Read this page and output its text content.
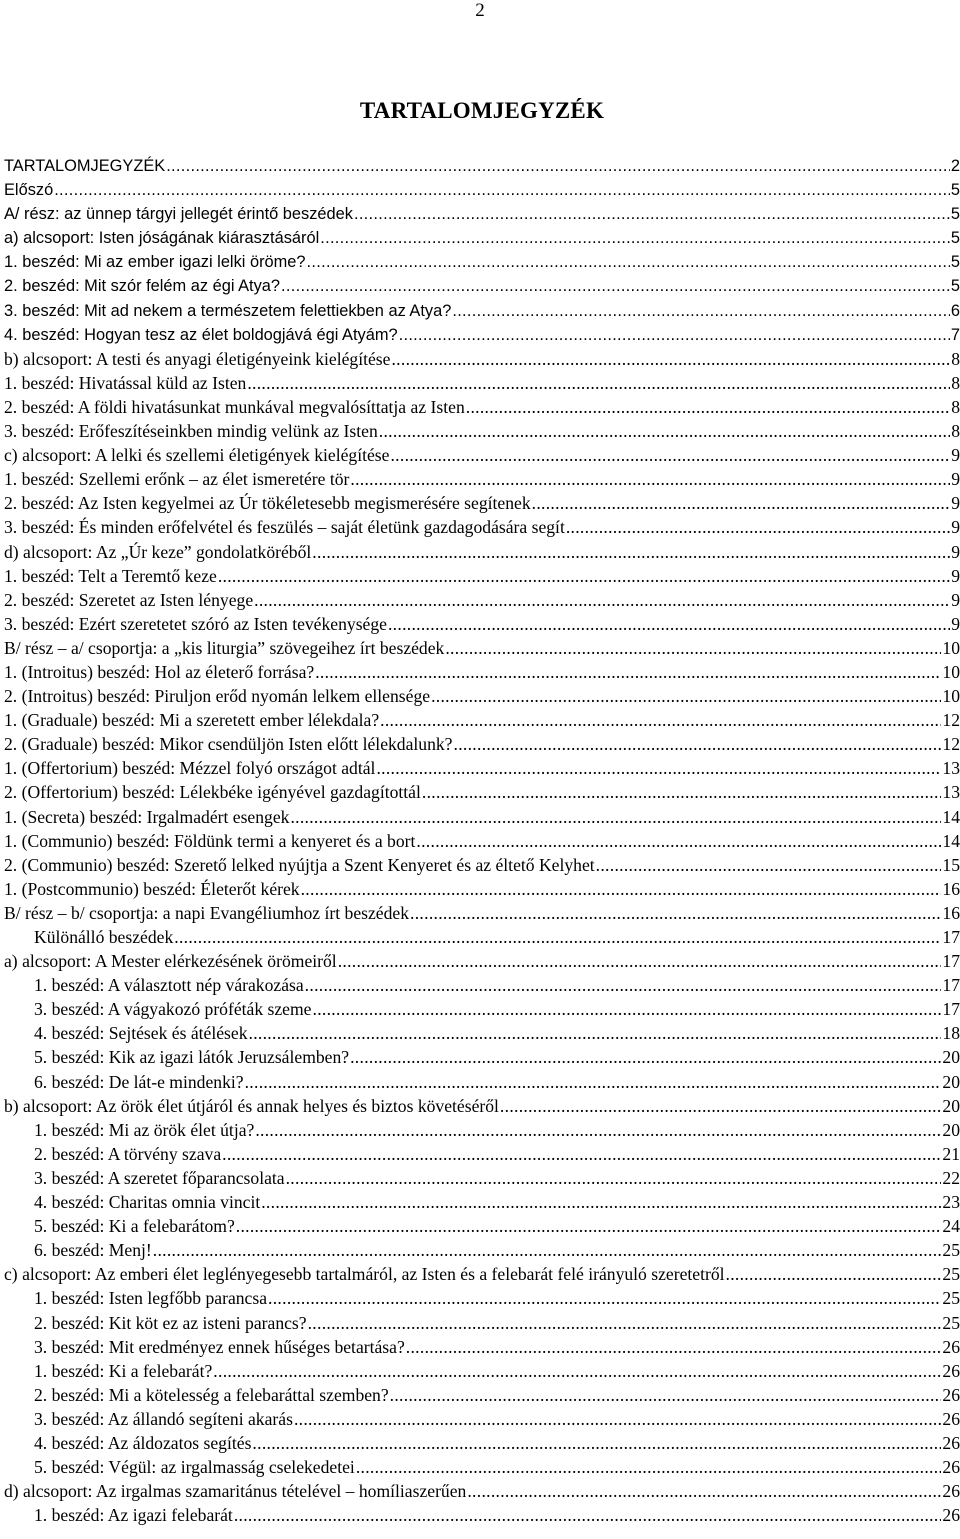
2
TARTALOMJEGYZÉK
TARTALOMJEGYZÉK .....	2
Előszó .....	5
A/ rész: az ünnep tárgyi jellegét érintő beszédek .....	5
a) alcsoport: Isten jóságának kiárasztásáról .....	5
1. beszéd: Mi az ember igazi lelki öröme? .....	5
2. beszéd: Mit szór felém az égi Atya? .....	5
3. beszéd: Mit ad nekem a természetem felettiekben az Atya? .....	6
4. beszéd: Hogyan tesz az élet boldogjává égi Atyám? .....	7
b) alcsoport: A testi és anyagi életigényeink kielégítése .....	8
1. beszéd: Hivatással küld az Isten .....	8
2. beszéd: A földi hivatásunkat munkával megvalósíttatja az Isten .....	8
3. beszéd: Erőfeszítéseinkben mindig velünk az Isten .....	8
c) alcsoport: A lelki és szellemi életigények kielégítése .....	9
1. beszéd: Szellemi erőnk – az élet ismeretére tör .....	9
2. beszéd: Az Isten kegyelmei az Úr tökéletesebb megismerésére segítenek .....	9
3. beszéd: És minden erőfelvétel és feszülés – saját életünk gazdagodására segít .....	9
d) alcsoport: Az „Úr keze” gondolatköréből .....	9
1. beszéd: Telt a Teremtő keze .....	9
2. beszéd: Szeretet az Isten lényege .....	9
3. beszéd: Ezért szeretetet szóró az Isten tevékenysége .....	9
B/ rész – a/ csoportja: a „kis liturgia” szövegeihez írt beszédek .....	10
1. (Introitus) beszéd: Hol az életerő forrása? .....	10
2. (Introitus) beszéd: Piruljon erőd nyomán lelkem ellensége .....	10
1. (Graduale) beszéd: Mi a szeretett ember lélekdala? .....	12
2. (Graduale) beszéd: Mikor csendüljön Isten előtt lélekdalunk? .....	12
1. (Offertorium) beszéd: Mézzel folyó országot adtál .....	13
2. (Offertorium) beszéd: Lélekbéke igényével gazdagítottál .....	13
1. (Secreta) beszéd: Irgalmadért esengek .....	14
1. (Communio) beszéd: Földünk termi a kenyeret és a bort .....	14
2. (Communio) beszéd: Szerető lelked nyújtja a Szent Kenyeret és az éltető Kelyhet .....	15
1. (Postcommunio) beszéd: Életerőt kérek .....	16
B/ rész – b/ csoportja: a napi Evangéliumhoz írt beszédek .....	16
Különálló beszédek .....	17
a) alcsoport: A Mester elérkezésének örömeiről .....	17
1. beszéd: A választott nép várakozása .....	17
3. beszéd: A vágyakozó próféták szeme .....	17
4. beszéd: Sejtések és átélések .....	18
5. beszéd: Kik az igazi látók Jeruzsálemben? .....	20
6. beszéd: De lát-e mindenki? .....	20
b) alcsoport: Az örök élet útjáról és annak helyes és biztos követéséről .....	20
1. beszéd: Mi az örök élet útja? .....	20
2. beszéd: A törvény szava .....	21
3. beszéd: A szeretet főparancsolata .....	22
4. beszéd: Charitas omnia vincit .....	23
5. beszéd: Ki a felebarátom? .....	24
6. beszéd: Menj! .....	25
c) alcsoport: Az emberi élet leglényegesebb tartalmáról, az Isten és a felebarát felé irányuló szeretetről .....	25
1. beszéd: Isten legfőbb parancsa .....	25
2. beszéd: Kit köt ez az isteni parancs? .....	25
3. beszéd: Mit eredményez ennek hűséges betartása? .....	26
1. beszéd: Ki a felebarát? .....	26
2. beszéd: Mi a kötelesség a felebaráttal szemben? .....	26
3. beszéd: Az állandó segíteni akarás .....	26
4. beszéd: Az áldozatos segítés .....	26
5. beszéd: Végül: az irgalmasság cselekedetei .....	26
d) alcsoport: Az irgalmas szamaritánus tételével – homíliaszerűen .....	26
1. beszéd: Az igazi felebarát .....	26
